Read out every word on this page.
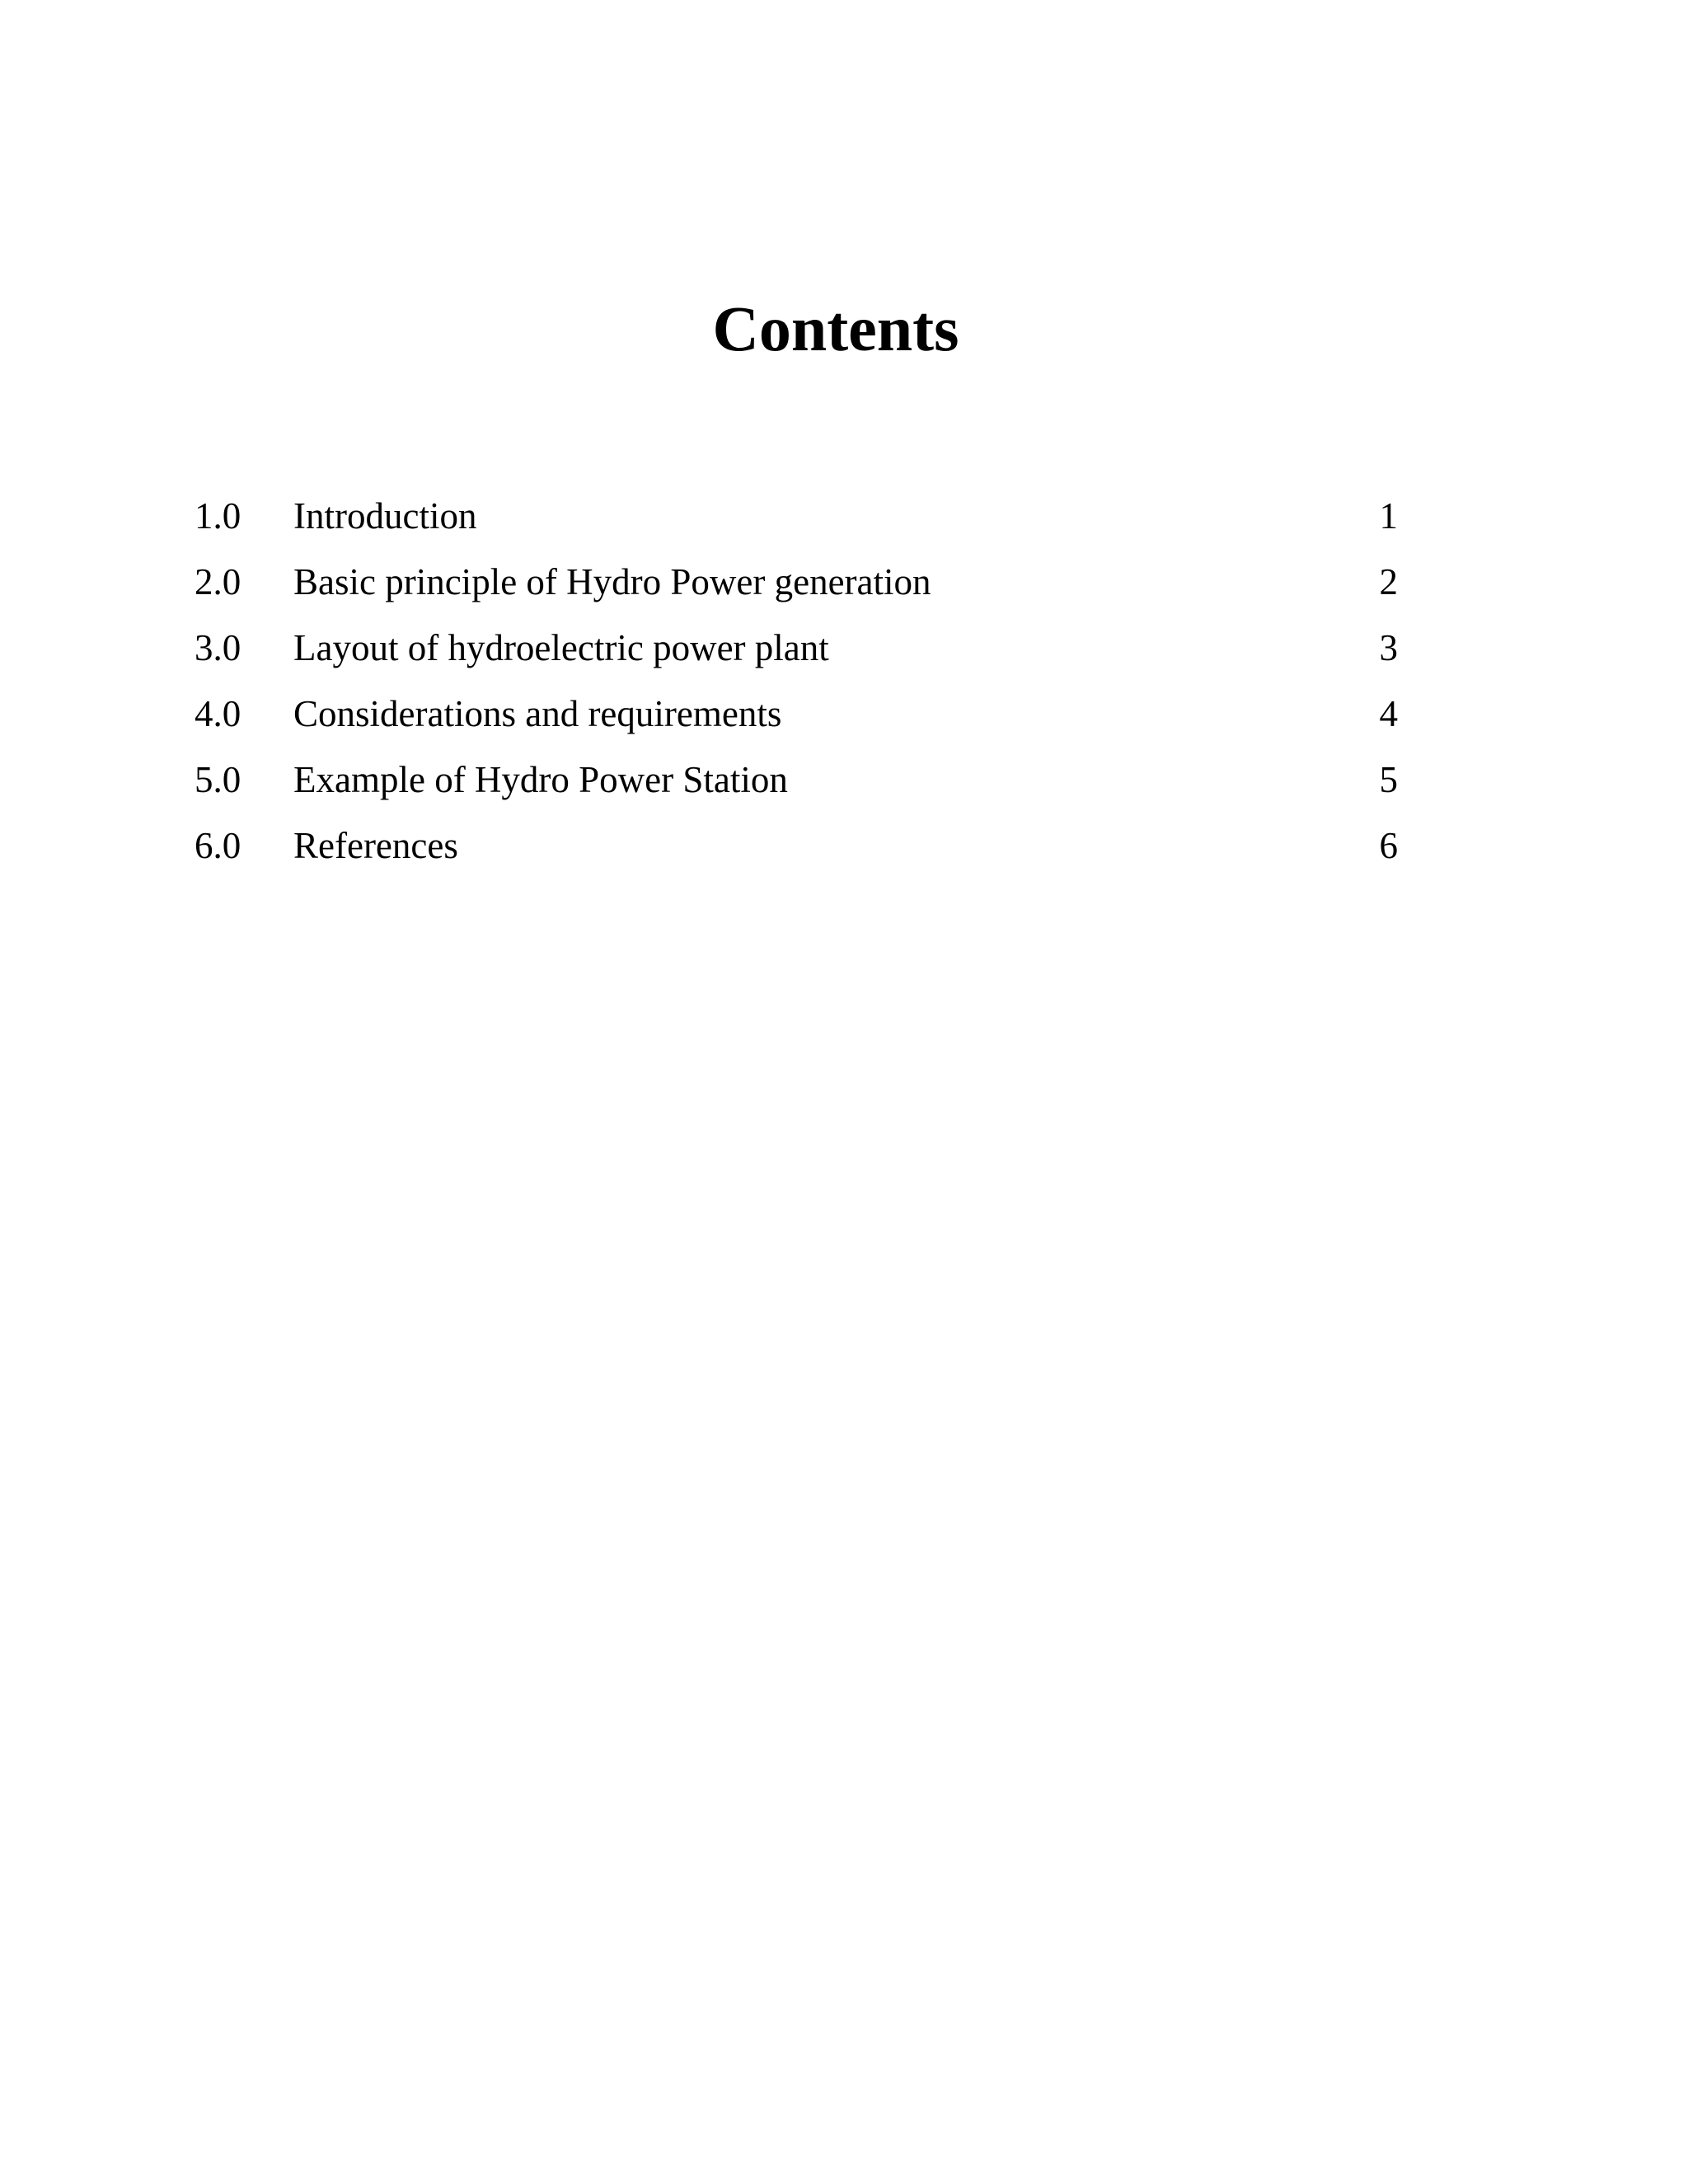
Contents
1.0	Introduction	1
2.0	Basic principle of Hydro Power generation	2
3.0	Layout of hydroelectric power plant	3
4.0	Considerations and requirements	4
5.0	Example of Hydro Power Station	5
6.0	References	6
